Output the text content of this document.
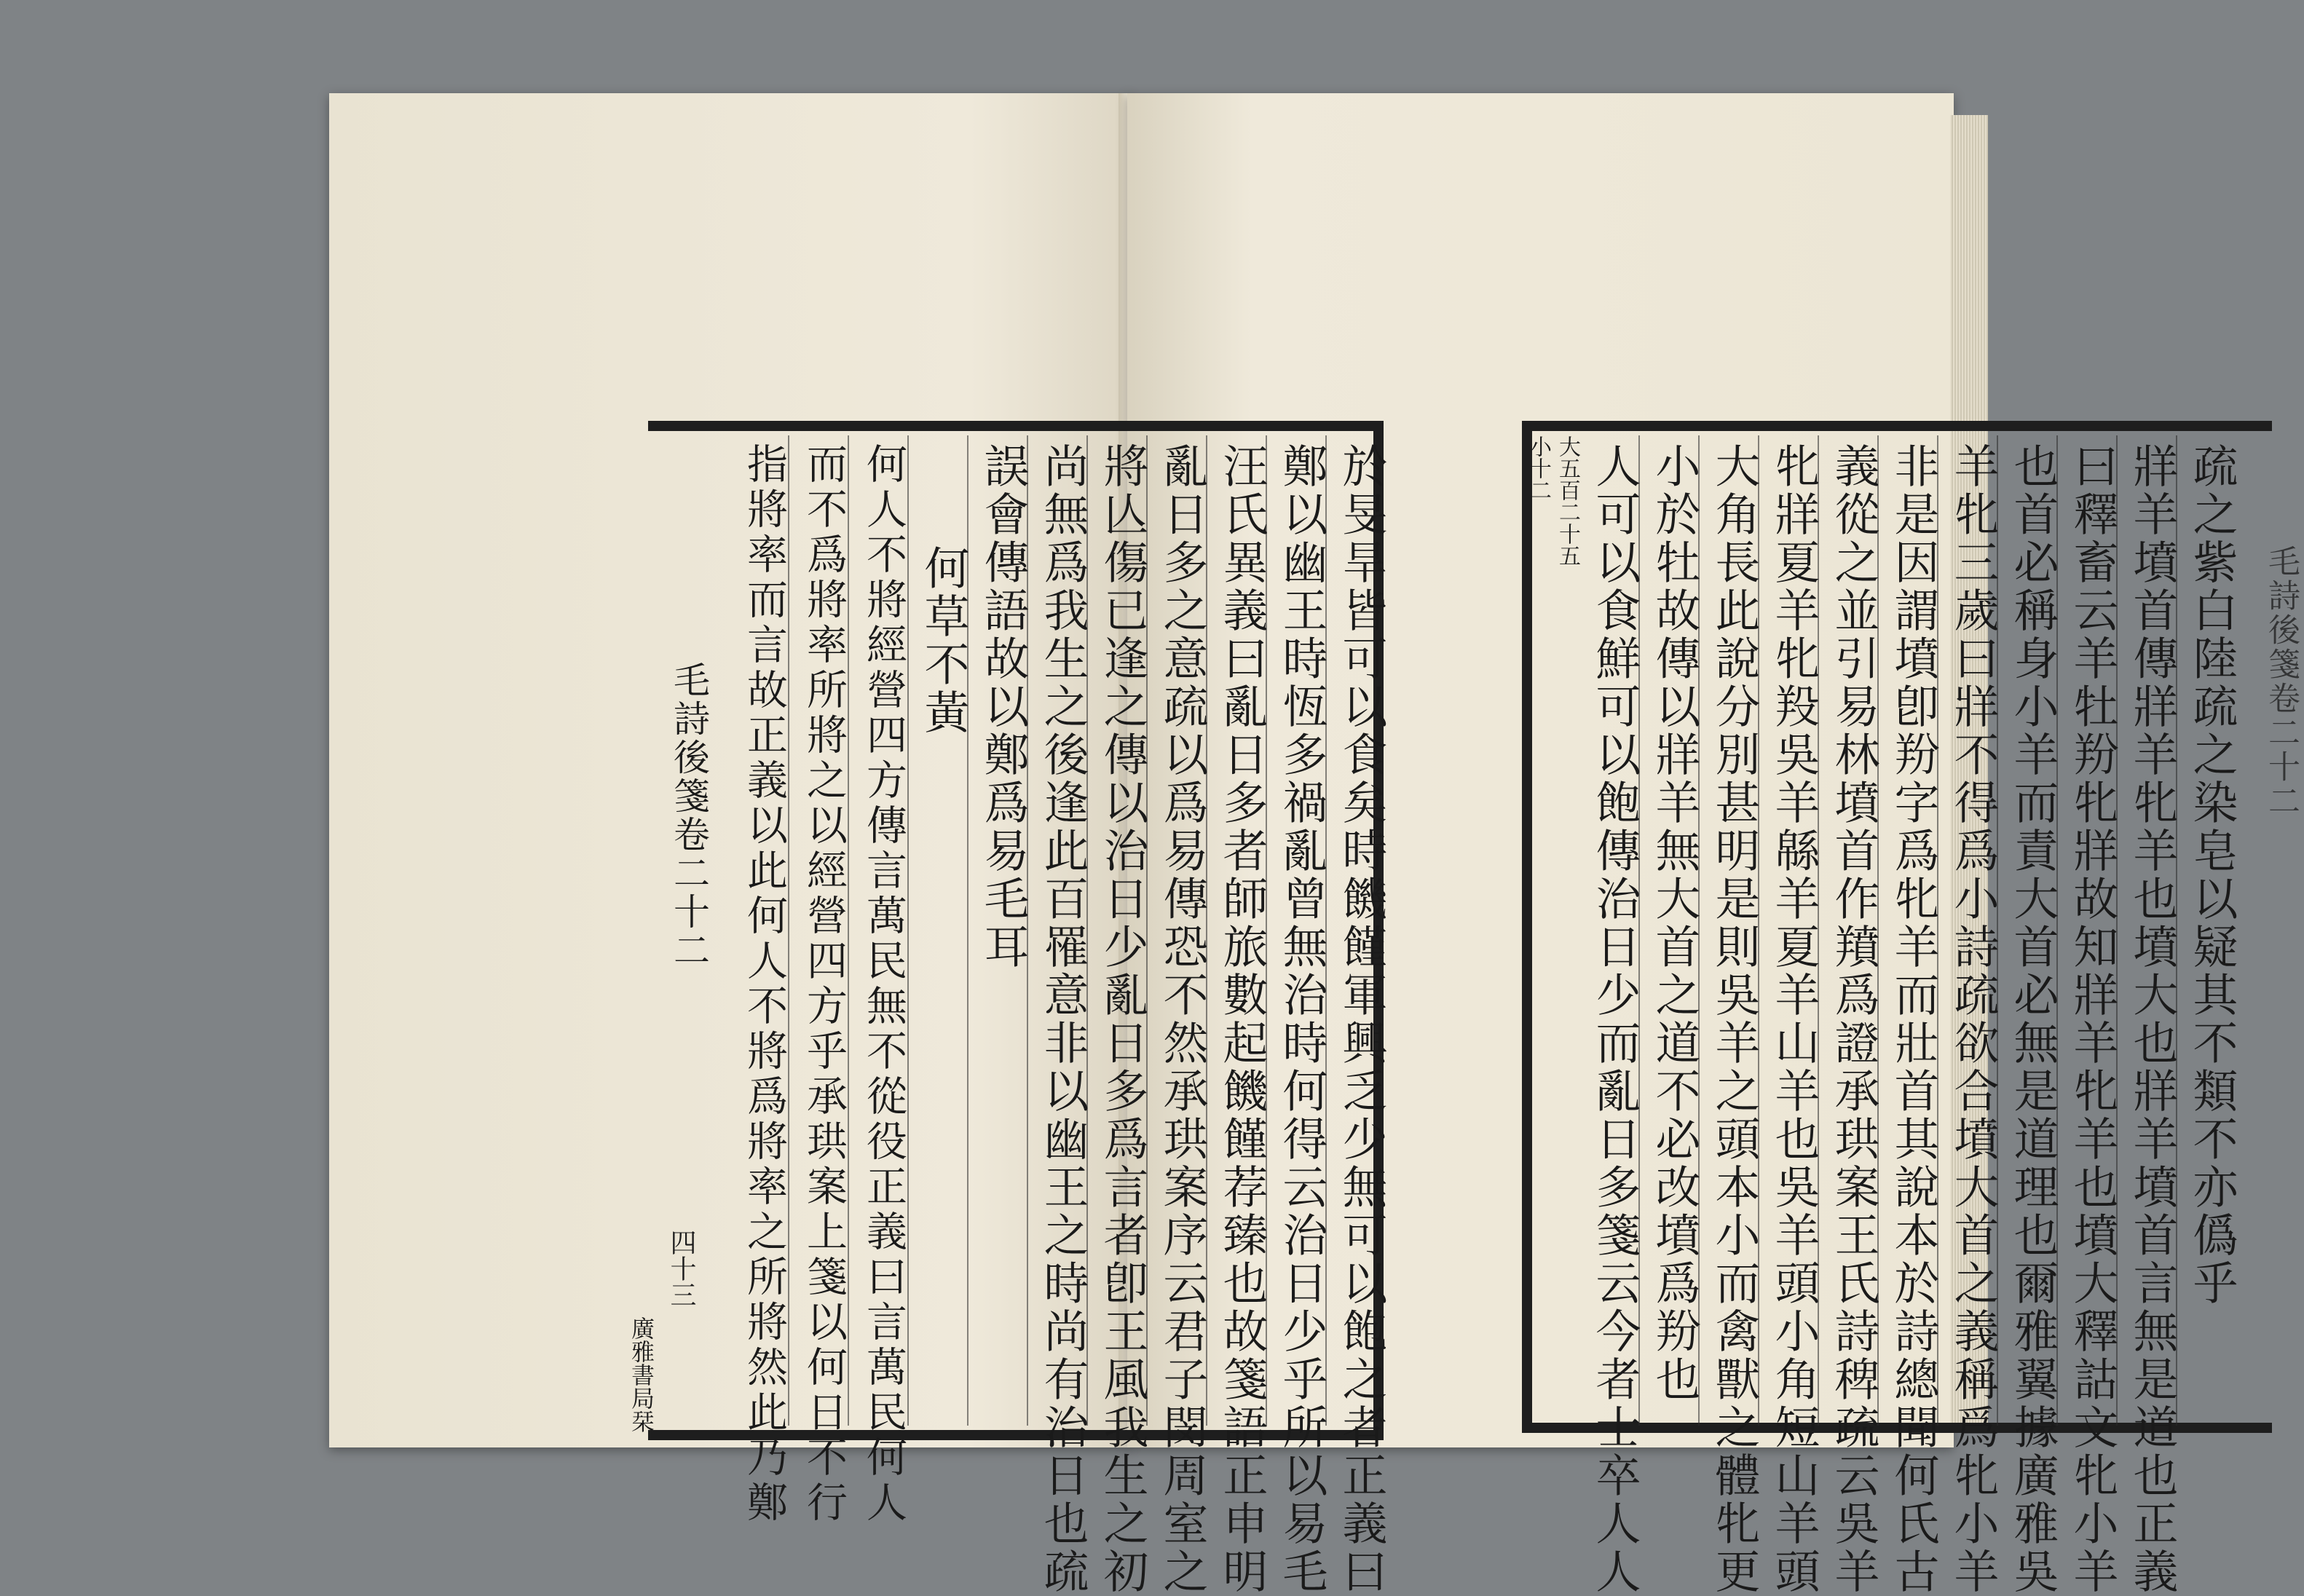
於旻旱皆可以食矣時饑饉軍興乏少無可以飽之者正義曰
鄭以幽王時恆多禍亂曾無治時何得云治日少乎所以易毛
汪氏異義曰亂日多者師旅數起饑饉荐臻也故箋語正申明
亂日多之意疏以爲易傳恐不然承珙案序云君子閔周室之
將亾傷已逢之傳以治日少亂日多爲言者卽王風我生之初
尚無爲我生之後逢此百罹意非以幽王之時尚有治日也疏
誤會傳語故以鄭爲易毛耳
何草不黃
何人不將經營四方傳言萬民無不從役正義曰言萬民何人
而不爲將率所將之以經營四方乎承珙案上箋以何日不行
指將率而言故正義以此何人不將爲將率之所將然此乃鄭
毛詩後箋卷二十二
四十三
廣雅書局栞
疏之紫白陸疏之染皂以疑其不類不亦僞乎
牂羊墳首傳牂羊牝羊也墳大也牂羊墳首言無是道也正義
曰釋畜云羊牡羒牝牂故知牂羊牝羊也墳大釋詁文牝小羊
也首必稱身小羊而責大首必無是道理也爾雅翼據廣雅吳
羊牝三歲曰牂不得爲小詩疏欲合墳大首之義稱爲牝小羊
非是因謂墳卽羒字爲牝羊而壯首其說本於詩總聞何氏古
義從之並引易林墳首作羵爲證承珙案王氏詩稗疏云吳羊
牝牂夏羊牝羖吳羊緜羊夏羊山羊也吳羊頭小角短山羊頭
大角長此說分別甚明是則吳羊之頭本小而禽獸之體牝更
小於牡故傳以牂羊無大首之道不必改墳爲羒也
人可以食鮮可以飽傳治日少而亂日多箋云今者士卒人人
大五百二十五
小十二
毛詩後箋卷二十二
